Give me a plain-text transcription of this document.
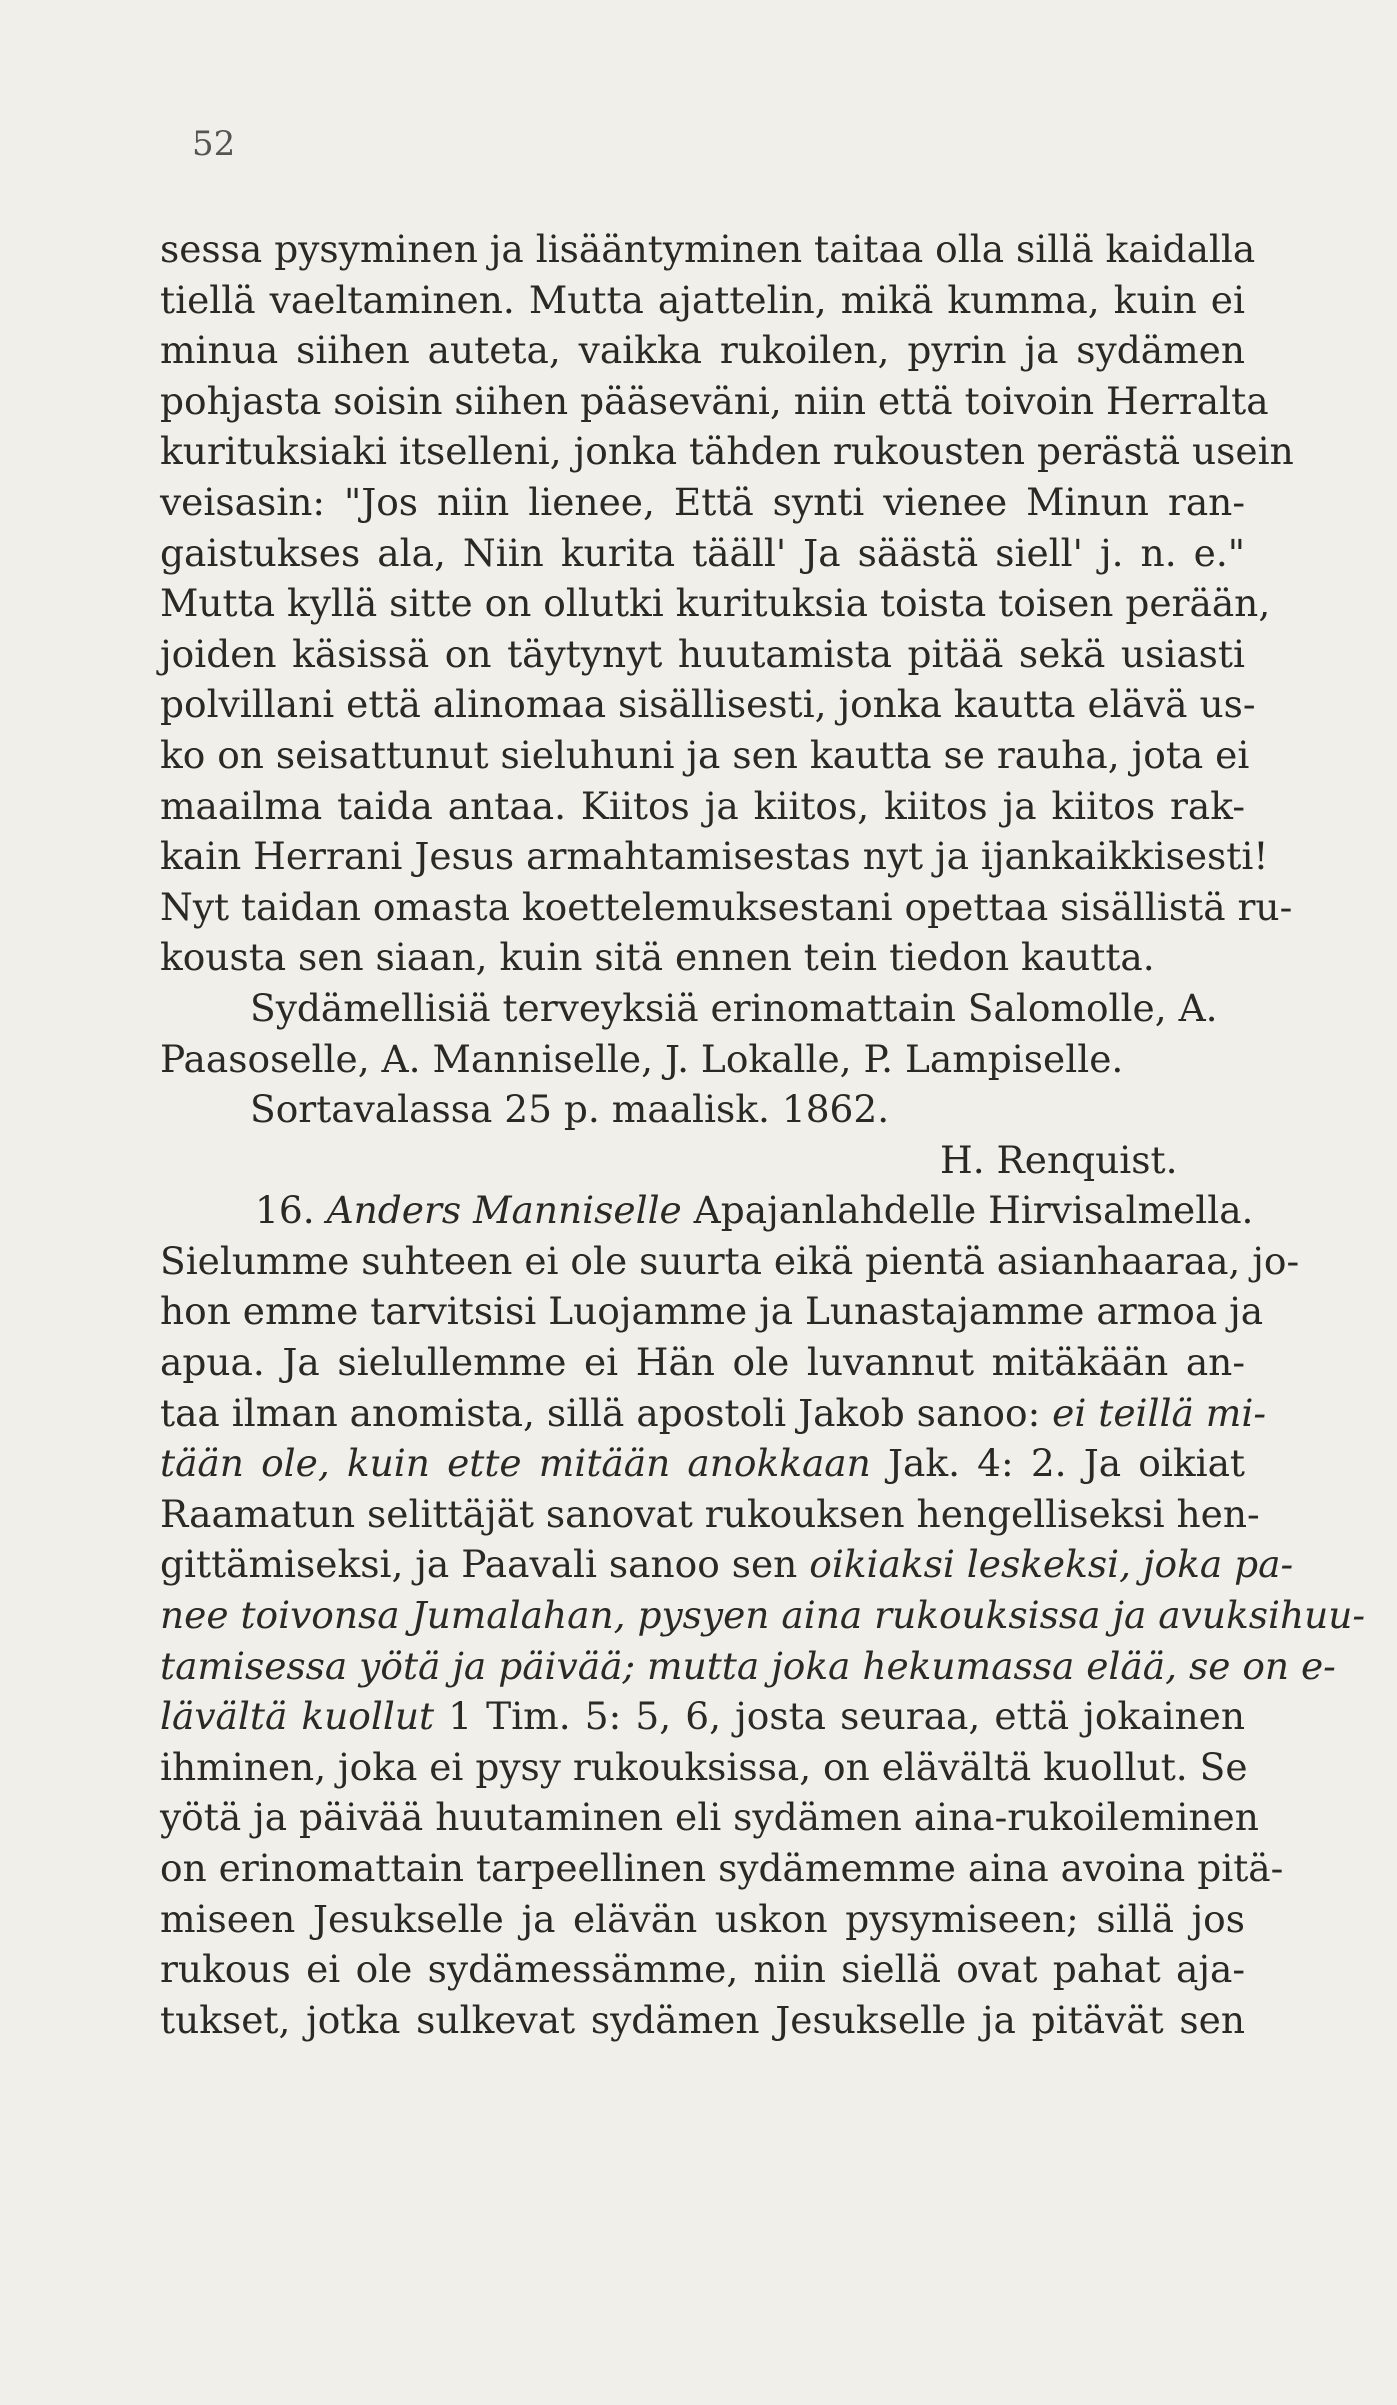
52
sessa pysyminen ja lisääntyminen taitaa olla sillä kaidalla
tiellä vaeltaminen. Mutta ajattelin, mikä kumma, kuin ei
minua siihen auteta, vaikka rukoilen, pyrin ja sydämen
pohjasta soisin siihen pääseväni, niin että toivoin Herralta
kurituksiaki itselleni, jonka tähden rukousten perästä usein
veisasin: "Jos niin lienee, Että synti vienee Minun ran-
gaistukses ala, Niin kurita tääll' Ja säästä siell' j. n. e."
Mutta kyllä sitte on ollutki kurituksia toista toisen perään,
joiden käsissä on täytynyt huutamista pitää sekä usiasti
polvillani että alinomaa sisällisesti, jonka kautta elävä us-
ko on seisattunut sieluhuni ja sen kautta se rauha, jota ei
maailma taida antaa. Kiitos ja kiitos, kiitos ja kiitos rak-
kain Herrani Jesus armahtamisestas nyt ja ijankaikkisesti!
Nyt taidan omasta koettelemuksestani opettaa sisällistä ru-
kousta sen siaan, kuin sitä ennen tein tiedon kautta.
Sydämellisiä terveyksiä erinomattain Salomolle, A.
Paasoselle, A. Manniselle, J. Lokalle, P. Lampiselle.
Sortavalassa 25 p. maalisk. 1862.
H. Renquist.
16. Anders Manniselle Apajanlahdelle Hirvisalmella.
Sielumme suhteen ei ole suurta eikä pientä asianhaaraa, jo-
hon emme tarvitsisi Luojamme ja Lunastajamme armoa ja
apua. Ja sielullemme ei Hän ole luvannut mitäkään an-
taa ilman anomista, sillä apostoli Jakob sanoo: ei teillä mi-
tään ole, kuin ette mitään anokkaan Jak. 4: 2. Ja oikiat
Raamatun selittäjät sanovat rukouksen hengelliseksi hen-
gittämiseksi, ja Paavali sanoo sen oikiaksi leskeksi, joka pa-
nee toivonsa Jumalahan, pysyen aina rukouksissa ja avuksihuu-
tamisessa yötä ja päivää; mutta joka hekumassa elää, se on e-
lävältä kuollut 1 Tim. 5: 5, 6, josta seuraa, että jokainen
ihminen, joka ei pysy rukouksissa, on elävältä kuollut. Se
yötä ja päivää huutaminen eli sydämen aina-rukoileminen
on erinomattain tarpeellinen sydämemme aina avoina pitä-
miseen Jesukselle ja elävän uskon pysymiseen; sillä jos
rukous ei ole sydämessämme, niin siellä ovat pahat aja-
tukset, jotka sulkevat sydämen Jesukselle ja pitävät sen
